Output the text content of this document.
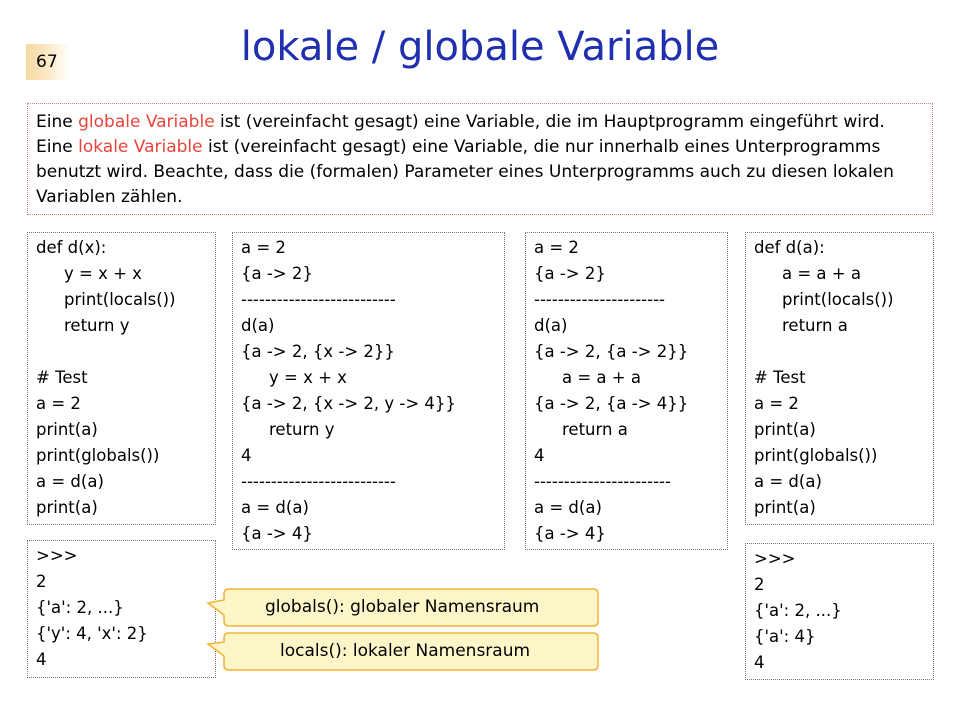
67	lokale / globale Variable
Eine globale Variable ist (vereinfacht gesagt) eine Variable, die im Hauptprogramm eingeführt wird. Eine lokale Variable ist (vereinfacht gesagt) eine Variable, die nur innerhalb eines Unterprogramms benutzt wird. Beachte, dass die (formalen) Parameter eines Unterprogramms auch zu diesen lokalen Variablen zählen.
def d(x):
y = x + x
print(locals())
return y
# Test
a = 2
print(a)
print(globals())
a = d(a)
print(a)
a = 2
{a -> 2}
--------------------------
d(a)
{a -> 2, {x -> 2}}
y = x + x
{a -> 2, {x -> 2, y -> 4}}
return y
4
--------------------------
a = d(a)
{a -> 4}
a = 2
{a -> 2}
----------------------
d(a)
{a -> 2, {a -> 2}}
a = a + a
{a -> 2, {a -> 4}}
return a
4
-----------------------
a = d(a)
{a -> 4}
def d(a):
a = a + a
print(locals())
return a
# Test
a = 2
print(a)
print(globals())
a = d(a)
print(a)
>>>
2
{'a': 2, ...}
{'y': 4, 'x': 2}
4
>>>
2
{'a': 2, ...}
{'a': 4}
4
globals(): globaler Namensraum
locals(): lokaler Namensraum
